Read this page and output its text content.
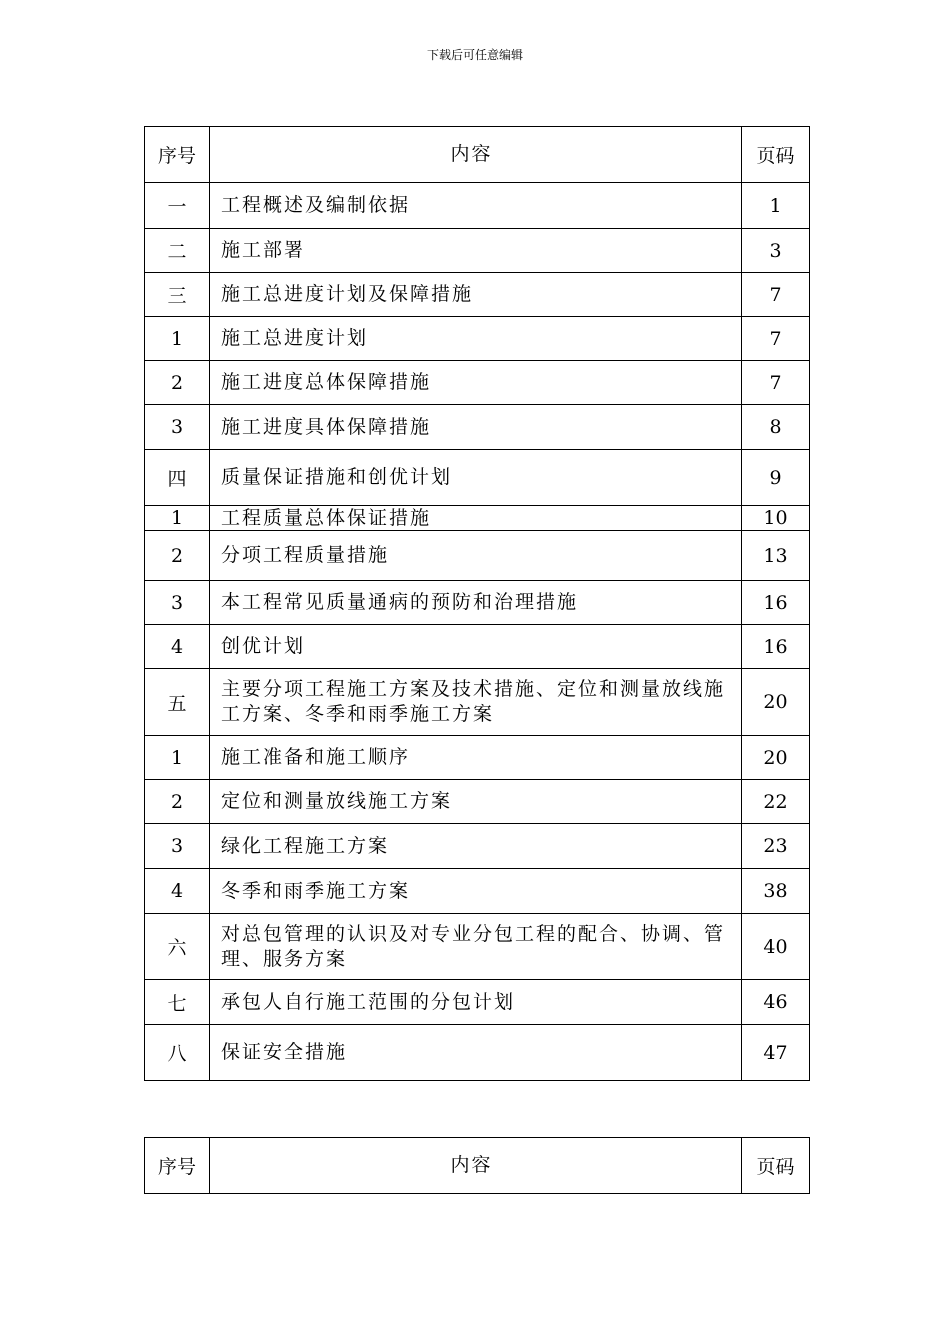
下载后可任意编辑
序号	内容	页码
一	工程概述及编制依据	1
二	施工部署	3
三	施工总进度计划及保障措施	7
1	施工总进度计划	7
2	施工进度总体保障措施	7
3	施工进度具体保障措施	8
四	质量保证措施和创优计划	9
1	工程质量总体保证措施	10
2	分项工程质量措施	13
3	本工程常见质量通病的预防和治理措施	16
4	创优计划	16
五	主要分项工程施工方案及技术措施、定位和测量放线施工方案、冬季和雨季施工方案	20
1	施工准备和施工顺序	20
2	定位和测量放线施工方案	22
3	绿化工程施工方案	23
4	冬季和雨季施工方案	38
六	对总包管理的认识及对专业分包工程的配合、协调、管理、服务方案	40
七	承包人自行施工范围的分包计划	46
八	保证安全措施	47
序号	内容	页码
